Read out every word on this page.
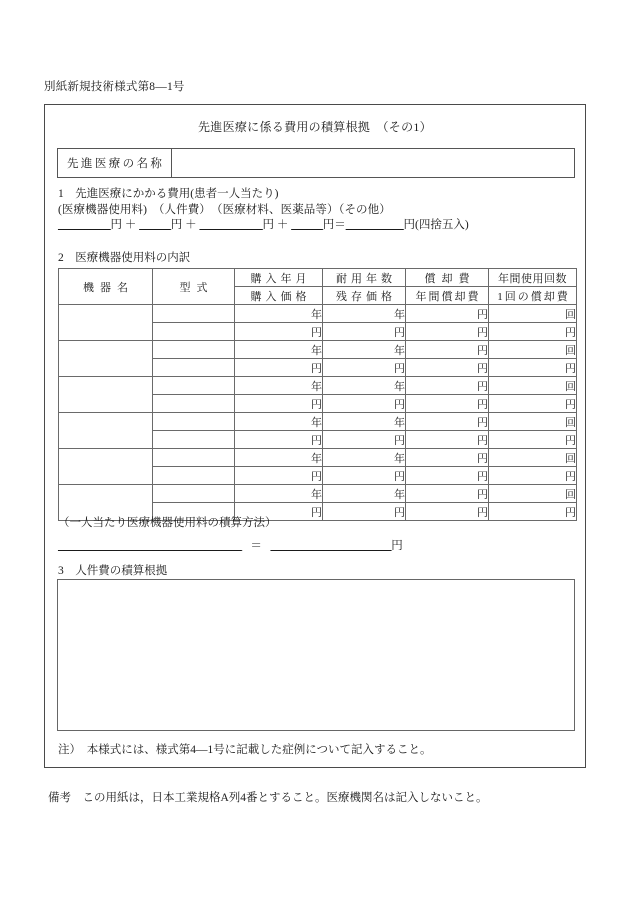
別紙新規技術様式第8—1号
先進医療に係る費用の積算根拠　（その1）
先進医療の名称
1　先進医療にかかる費用(患者一人当たり)
(医療機器使用料)　（人件費）　（医療材料、医薬品等）（その他）
__________円 ＋ ______円 ＋ ____________円 ＋ ______円＝___________円(四捨五入)
2　医療機器使用料の内訳
機器名	型式	購入年月	耐用年数	償却費	年間使用回数
		購入価格	残存価格	年間償却費	1回の償却費
		年	年	円	回
		円	円	円	円
		年	年	円	回
		円	円	円	円
		年	年	円	回
		円	円	円	円
		年	年	円	回
		円	円	円	円
		年	年	円	回
		円	円	円	円
		年	年	円	回
		円	円	円	円
（一人当たり医療機器使用料の積算方法）
___________________________________ ＝ _______________________円
3　人件費の積算根拠
注）　本様式には、様式第4—1号に記載した症例について記入すること。
備考　この用紙は，日本工業規格A列4番とすること。医療機関名は記入しないこと。
